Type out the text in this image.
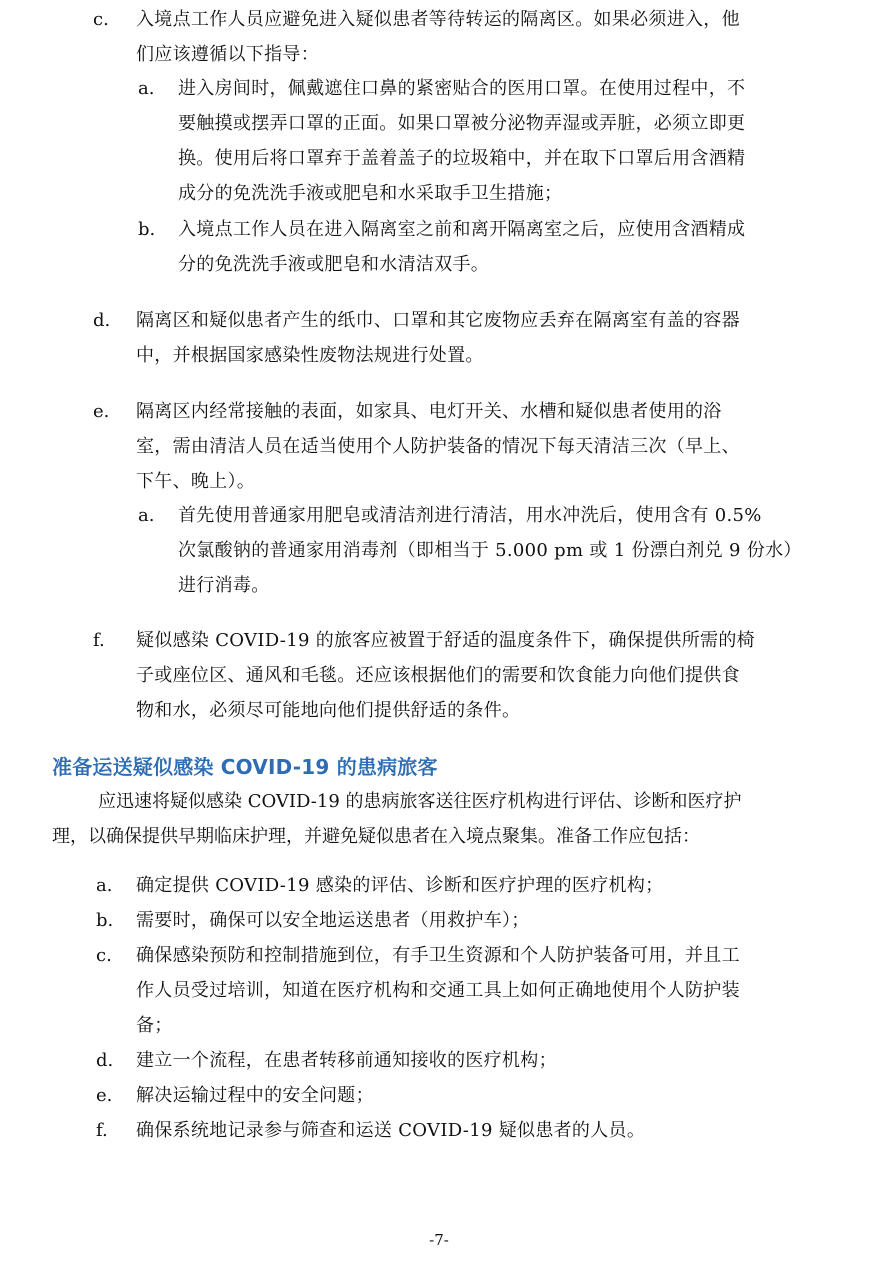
c. 入境点工作人员应避免进入疑似患者等待转运的隔离区。如果必须进入，他
们应该遵循以下指导：
a. 进入房间时，佩戴遮住口鼻的紧密贴合的医用口罩。在使用过程中，不
要触摸或摆弄口罩的正面。如果口罩被分泌物弄湿或弄脏，必须立即更
换。使用后将口罩弃于盖着盖子的垃圾箱中，并在取下口罩后用含酒精
成分的免洗洗手液或肥皂和水采取手卫生措施；
b. 入境点工作人员在进入隔离室之前和离开隔离室之后，应使用含酒精成
分的免洗洗手液或肥皂和水清洁双手。
d. 隔离区和疑似患者产生的纸巾、口罩和其它废物应丢弃在隔离室有盖的容器
中，并根据国家感染性废物法规进行处置。
e. 隔离区内经常接触的表面，如家具、电灯开关、水槽和疑似患者使用的浴
室，需由清洁人员在适当使用个人防护装备的情况下每天清洁三次（早上、
下午、晚上）。
a. 首先使用普通家用肥皂或清洁剂进行清洁，用水冲洗后，使用含有 0.5%
次氯酸钠的普通家用消毒剂（即相当于 5.000 pm 或 1 份漂白剂兑 9 份水）
进行消毒。
f. 疑似感染 COVID-19 的旅客应被置于舒适的温度条件下，确保提供所需的椅
子或座位区、通风和毛毯。还应该根据他们的需要和饮食能力向他们提供食
物和水，必须尽可能地向他们提供舒适的条件。
准备运送疑似感染 COVID-19 的患病旅客
应迅速将疑似感染 COVID-19 的患病旅客送往医疗机构进行评估、诊断和医疗护
理，以确保提供早期临床护理，并避免疑似患者在入境点聚集。准备工作应包括：
a. 确定提供 COVID-19 感染的评估、诊断和医疗护理的医疗机构；
b. 需要时，确保可以安全地运送患者（用救护车）；
c. 确保感染预防和控制措施到位，有手卫生资源和个人防护装备可用，并且工
作人员受过培训，知道在医疗机构和交通工具上如何正确地使用个人防护装
备；
d. 建立一个流程，在患者转移前通知接收的医疗机构；
e. 解决运输过程中的安全问题；
f. 确保系统地记录参与筛查和运送 COVID-19 疑似患者的人员。
-7-
